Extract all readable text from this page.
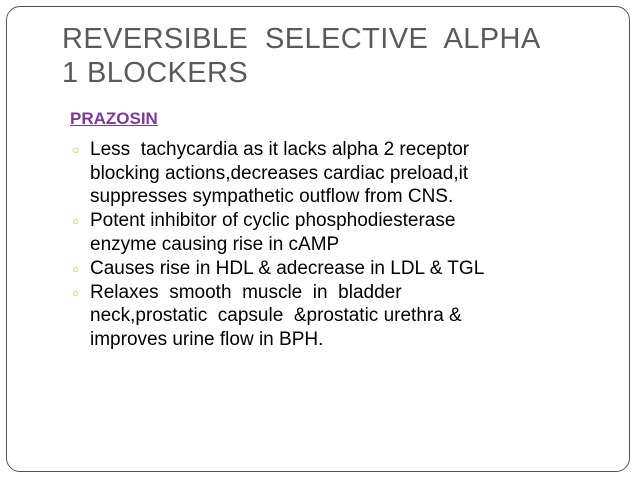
REVERSIBLE  SELECTIVE  ALPHA
1 BLOCKERS
PRAZOSIN
○ Less  tachycardia as it lacks alpha 2 receptor
blocking actions,decreases cardiac preload,it
suppresses sympathetic outflow from CNS.
○ Potent inhibitor of cyclic phosphodiesterase
enzyme causing rise in cAMP
○ Causes rise in HDL & adecrease in LDL & TGL
○ Relaxes  smooth  muscle  in  bladder
neck,prostatic  capsule  &prostatic urethra &
improves urine flow in BPH.
